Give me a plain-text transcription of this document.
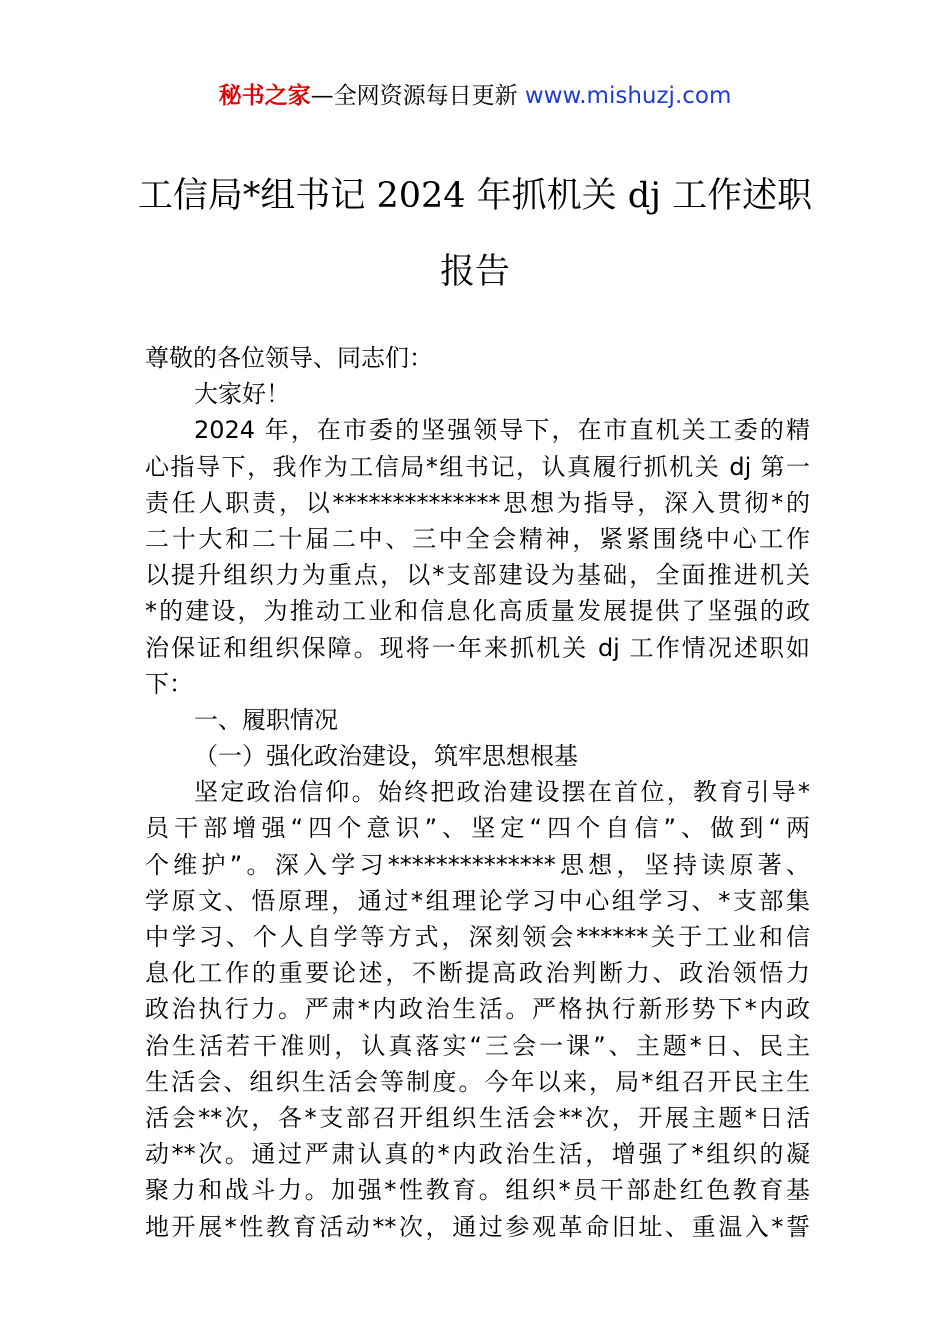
秘书之家—全网资源每日更新 www.mishuzj.com
工信局*组书记 2024 年抓机关 dj 工作述职
报告
尊敬的各位领导、同志们：
大家好！
2024 年，在市委的坚强领导下，在市直机关工委的精
心指导下，我作为工信局*组书记，认真履行抓机关 dj 第一
责任人职责，以**************思想为指导，深入贯彻*的
二十大和二十届二中、三中全会精神，紧紧围绕中心工作
以提升组织力为重点，以*支部建设为基础，全面推进机关
*的建设，为推动工业和信息化高质量发展提供了坚强的政
治保证和组织保障。现将一年来抓机关 dj 工作情况述职如
下：
一、履职情况
（一）强化政治建设，筑牢思想根基
坚定政治信仰。始终把政治建设摆在首位，教育引导*
员干部增强“四个意识”、坚定“四个自信”、做到“两
个维护”。深入学习**************思想，坚持读原著、
学原文、悟原理，通过*组理论学习中心组学习、*支部集
中学习、个人自学等方式，深刻领会******关于工业和信
息化工作的重要论述，不断提高政治判断力、政治领悟力
政治执行力。严肃*内政治生活。严格执行新形势下*内政
治生活若干准则，认真落实“三会一课”、主题*日、民主
生活会、组织生活会等制度。今年以来，局*组召开民主生
活会**次，各*支部召开组织生活会**次，开展主题*日活
动**次。通过严肃认真的*内政治生活，增强了*组织的凝
聚力和战斗力。加强*性教育。组织*员干部赴红色教育基
地开展*性教育活动**次，通过参观革命旧址、重温入*誓
